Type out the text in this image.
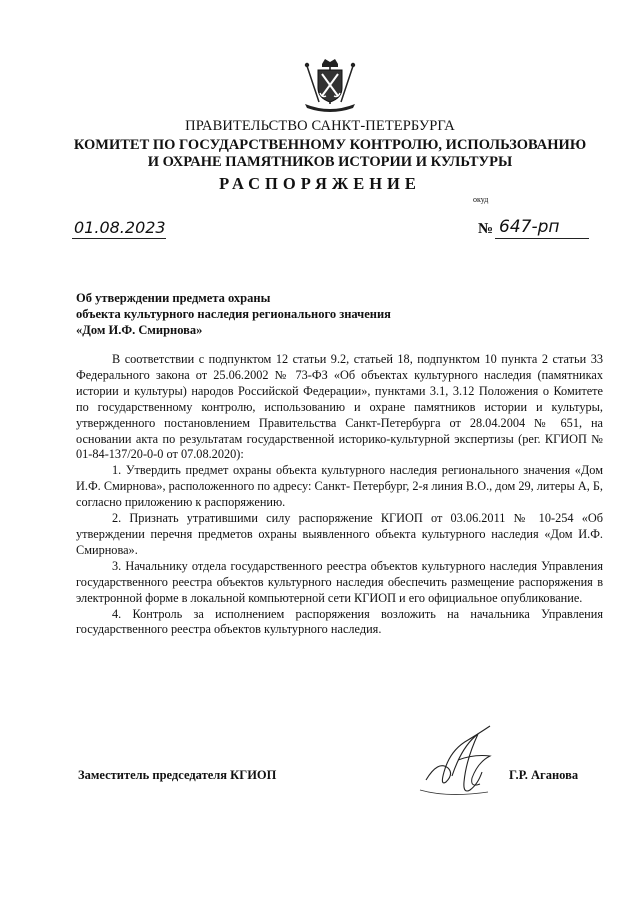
ПРАВИТЕЛЬСТВО САНКТ-ПЕТЕРБУРГА
КОМИТЕТ ПО ГОСУДАРСТВЕННОМУ КОНТРОЛЮ, ИСПОЛЬЗОВАНИЮ
И ОХРАНЕ ПАМЯТНИКОВ ИСТОРИИ И КУЛЬТУРЫ
РАСПОРЯЖЕНИЕ
окуд
01.08.2023	№ 647-рп
Об утверждении предмета охраны
объекта культурного наследия регионального значения
«Дом И.Ф. Смирнова»

В соответствии с подпунктом 12 статьи 9.2, статьей 18, подпунктом 10 пункта 2 статьи 33 Федерального закона от 25.06.2002 № 73-ФЗ «Об объектах культурного наследия (памятниках истории и культуры) народов Российской Федерации», пунктами 3.1, 3.12 Положения о Комитете по государственному контролю, использованию и охране памятников истории и культуры, утвержденного постановлением Правительства Санкт-Петербурга от 28.04.2004 № 651, на основании акта по результатам государственной историко-культурной экспертизы (рег. КГИОП № 01-84-137/20-0-0 от 07.08.2020):

1. Утвердить предмет охраны объекта культурного наследия регионального значения «Дом И.Ф. Смирнова», расположенного по адресу: Санкт- Петербург, 2-я линия В.О., дом 29, литеры А, Б, согласно приложению к распоряжению.

2. Признать утратившими силу распоряжение КГИОП от 03.06.2011 № 10-254 «Об утверждении перечня предметов охраны выявленного объекта культурного наследия «Дом И.Ф. Смирнова».

3. Начальнику отдела государственного реестра объектов культурного наследия Управления государственного реестра объектов культурного наследия обеспечить размещение распоряжения в электронной форме в локальной компьютерной сети КГИОП и его официальное опубликование.

4. Контроль за исполнением распоряжения возложить на начальника Управления государственного реестра объектов культурного наследия.

Заместитель председателя КГИОП	Г.Р. Аганова
